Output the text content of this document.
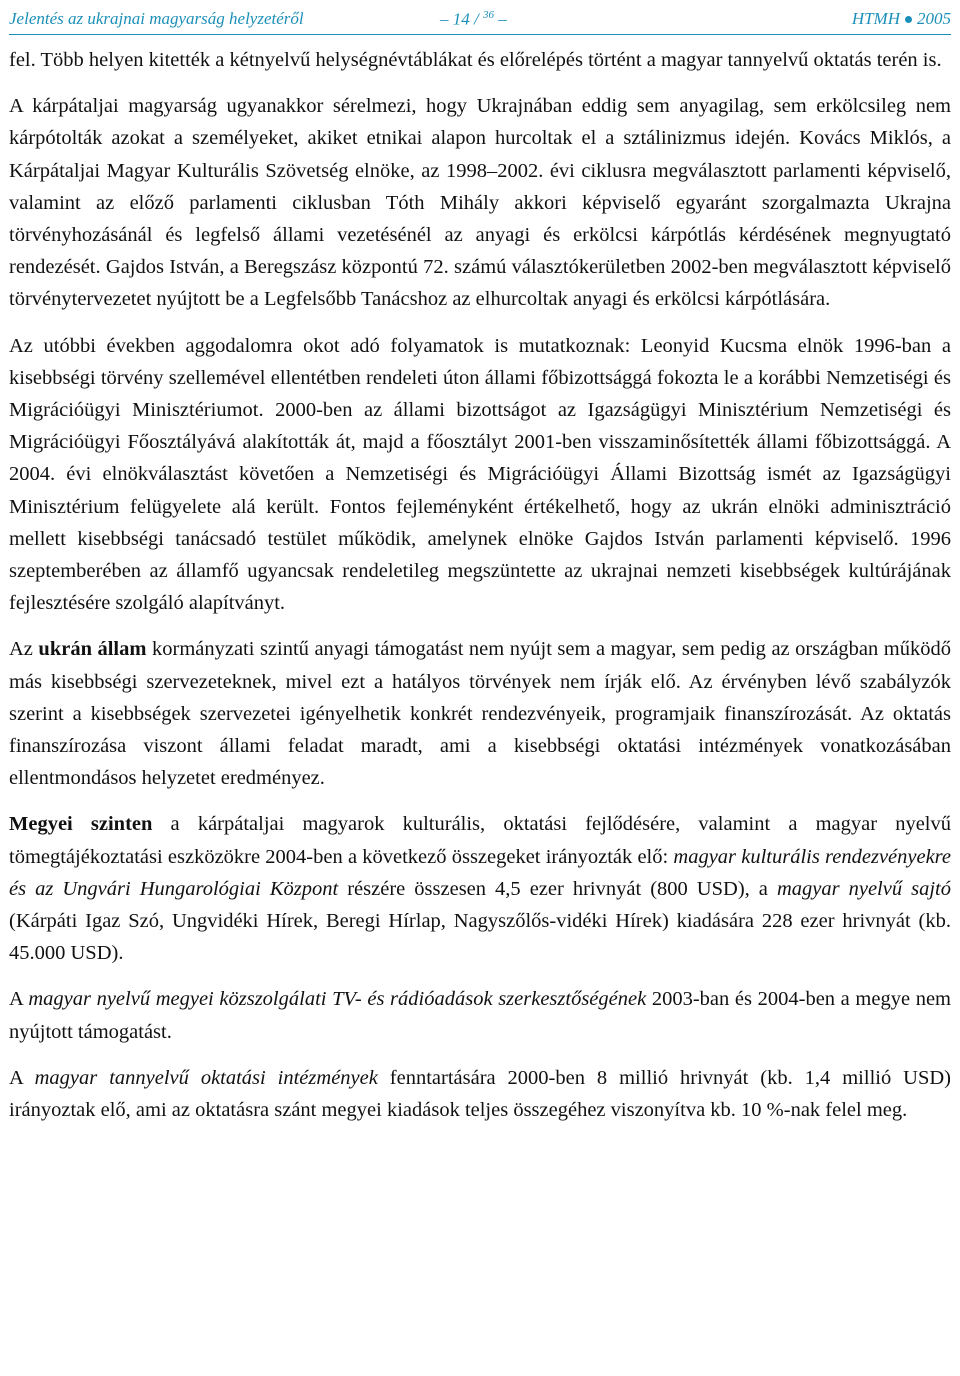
Jelentés az ukrajnai magyarság helyzetéről	– 14 / $^{36}$ –	HTMH 2005

fel. Több helyen kitették a kétnyelvű helységnévtáblákat és előrelépés történt a magyar tannyelvű oktatás terén is.

A kárpátaljai magyarság ugyanakkor sérelmezi, hogy Ukrajnában eddig sem anyagilag, sem erkölcsileg nem kárpótolták azokat a személyeket, akiket etnikai alapon hurcoltak el a sztálinizmus idején. Kovács Miklós, a Kárpátaljai Magyar Kulturális Szövetség elnöke, az 1998–2002. évi ciklusra megválasztott parlamenti képviselő, valamint az előző parlamenti ciklusban Tóth Mihály akkori képviselő egyaránt szorgalmazta Ukrajna törvényhozásánál és legfelső állami vezetésénél az anyagi és erkölcsi kárpótlás kérdésének megnyugtató rendezését. Gajdos István, a Beregszász központú 72. számú választókerületben 2002-ben megválasztott képviselő törvénytervezetet nyújtott be a Legfelsőbb Tanácshoz az elhurcoltak anyagi és erkölcsi kárpótlására.

Az utóbbi években aggodalomra okot adó folyamatok is mutatkoznak: Leonyid Kucsma elnök 1996-ban a kisebbségi törvény szellemével ellentétben rendeleti úton állami főbizottsággá fokozta le a korábbi Nemzetiségi és Migrációügyi Minisztériumot. 2000-ben az állami bizottságot az Igazságügyi Minisztérium Nemzetiségi és Migrációügyi Főosztályává alakították át, majd a főosztályt 2001-ben visszaminősítették állami főbizottsággá. A 2004. évi elnökválasztást követően a Nemzetiségi és Migrációügyi Állami Bizottság ismét az Igazságügyi Minisztérium felügyelete alá került. Fontos fejleményként értékelhető, hogy az ukrán elnöki adminisztráció mellett kisebbségi tanácsadó testület működik, amelynek elnöke Gajdos István parlamenti képviselő. 1996 szeptemberében az államfő ugyancsak rendeletileg megszüntette az ukrajnai nemzeti kisebbségek kultúrájának fejlesztésére szolgáló alapítványt.

Az ukrán állam kormányzati szintű anyagi támogatást nem nyújt sem a magyar, sem pedig az országban működő más kisebbségi szervezeteknek, mivel ezt a hatályos törvények nem írják elő. Az érvényben lévő szabályzók szerint a kisebbségek szervezetei igényelhetik konkrét rendezvényeik, programjaik finanszírozását. Az oktatás finanszírozása viszont állami feladat maradt, ami a kisebbségi oktatási intézmények vonatkozásában ellentmondásos helyzetet eredményez.

Megyei szinten a kárpátaljai magyarok kulturális, oktatási fejlődésére, valamint a magyar nyelvű tömegtájékoztatási eszközökre 2004-ben a következő összegeket irányozták elő: magyar kulturális rendezvényekre és az Ungvári Hungarológiai Központ részére összesen 4,5 ezer hrivnyát (800 USD), a magyar nyelvű sajtó (Kárpáti Igaz Szó, Ungvidéki Hírek, Beregi Hírlap, Nagyszőlős-vidéki Hírek) kiadására 228 ezer hrivnyát (kb. 45.000 USD).

A magyar nyelvű megyei közszolgálati TV- és rádióadások szerkesztőségének 2003-ban és 2004-ben a megye nem nyújtott támogatást.

A magyar tannyelvű oktatási intézmények fenntartására 2000-ben 8 millió hrivnyát (kb. 1,4 millió USD) irányoztak elő, ami az oktatásra szánt megyei kiadások teljes összegéhez viszonyítva kb. 10 %-nak felel meg.
